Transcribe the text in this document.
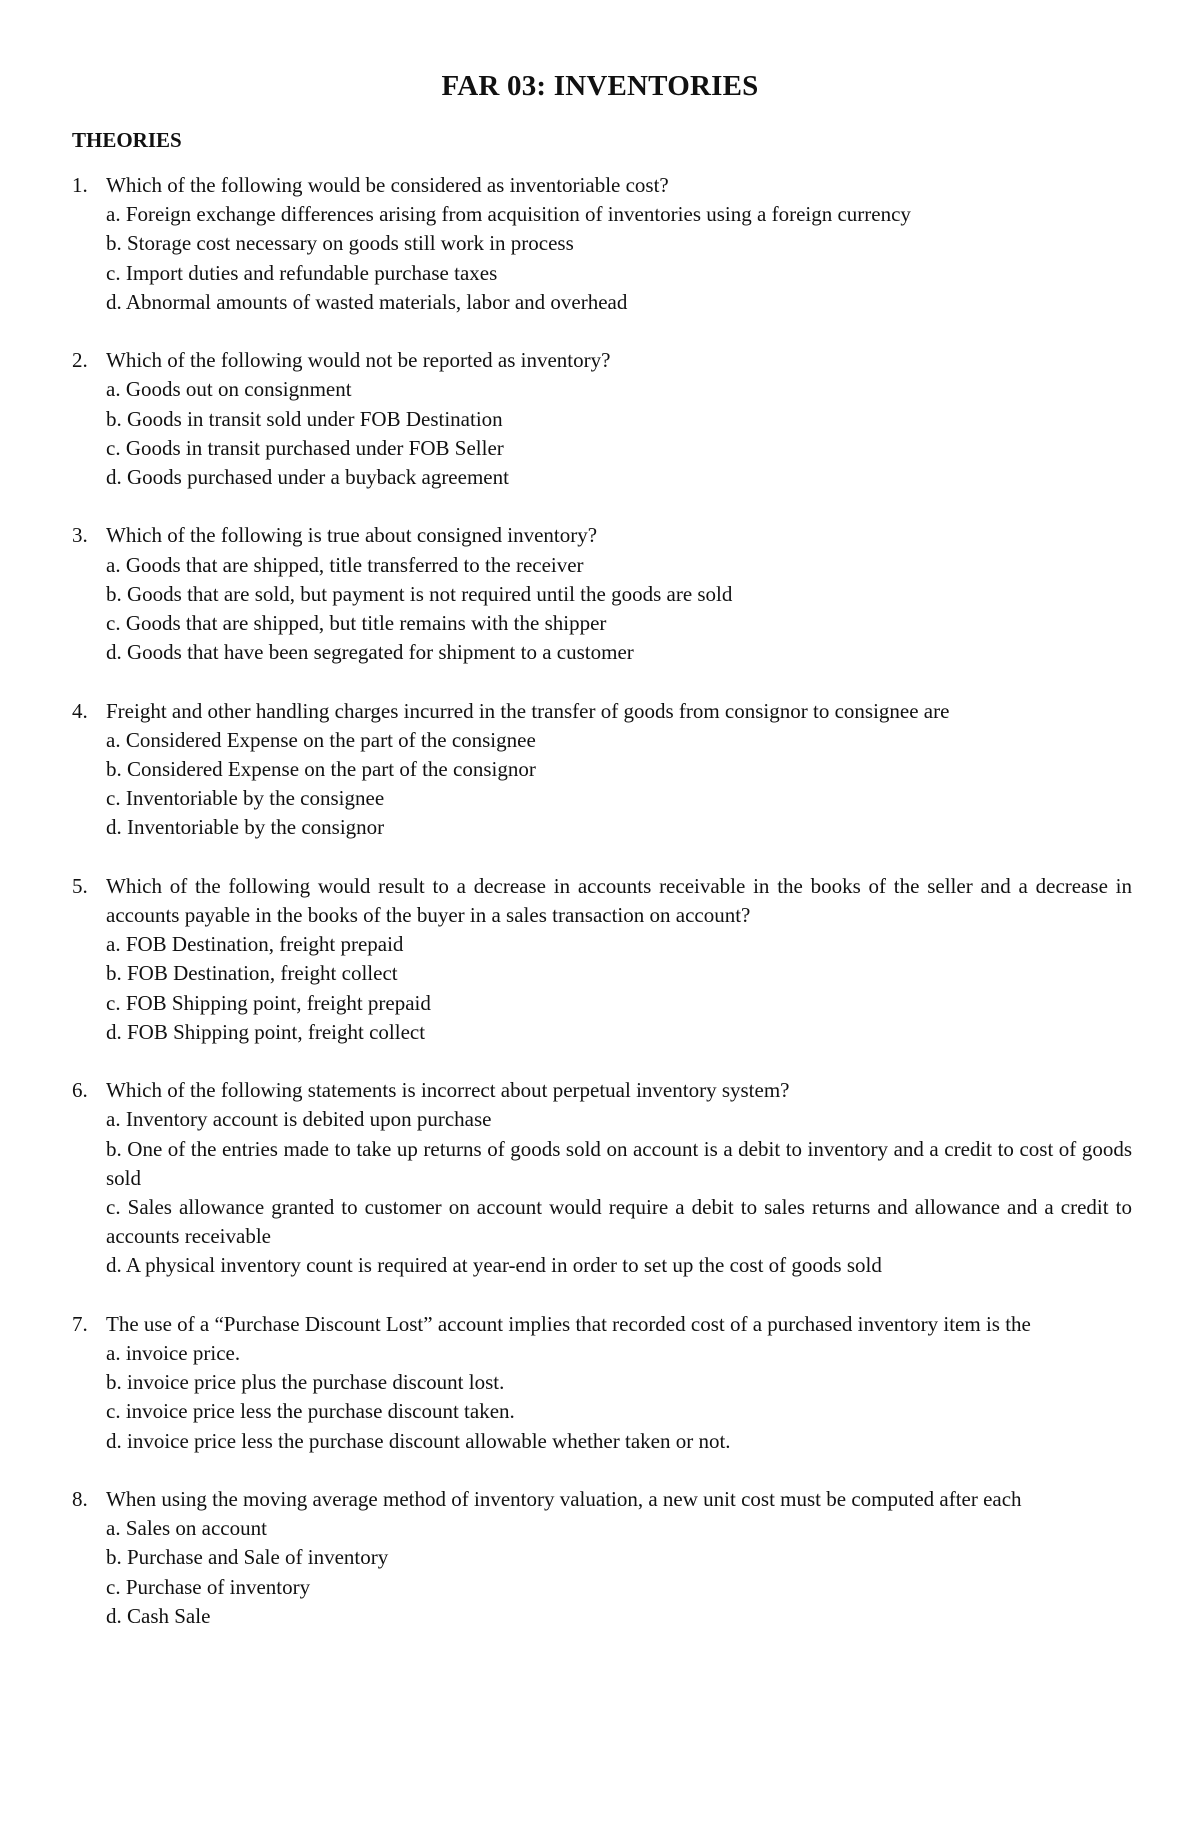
FAR 03: INVENTORIES
THEORIES
1. Which of the following would be considered as inventoriable cost?
a. Foreign exchange differences arising from acquisition of inventories using a foreign currency
b. Storage cost necessary on goods still work in process
c. Import duties and refundable purchase taxes
d. Abnormal amounts of wasted materials, labor and overhead
2. Which of the following would not be reported as inventory?
a. Goods out on consignment
b. Goods in transit sold under FOB Destination
c. Goods in transit purchased under FOB Seller
d. Goods purchased under a buyback agreement
3. Which of the following is true about consigned inventory?
a. Goods that are shipped, title transferred to the receiver
b. Goods that are sold, but payment is not required until the goods are sold
c. Goods that are shipped, but title remains with the shipper
d. Goods that have been segregated for shipment to a customer
4. Freight and other handling charges incurred in the transfer of goods from consignor to consignee are
a. Considered Expense on the part of the consignee
b. Considered Expense on the part of the consignor
c. Inventoriable by the consignee
d. Inventoriable by the consignor
5. Which of the following would result to a decrease in accounts receivable in the books of the seller and a decrease in accounts payable in the books of the buyer in a sales transaction on account?
a. FOB Destination, freight prepaid
b. FOB Destination, freight collect
c. FOB Shipping point, freight prepaid
d. FOB Shipping point, freight collect
6. Which of the following statements is incorrect about perpetual inventory system?
a. Inventory account is debited upon purchase
b. One of the entries made to take up returns of goods sold on account is a debit to inventory and a credit to cost of goods sold
c. Sales allowance granted to customer on account would require a debit to sales returns and allowance and a credit to accounts receivable
d. A physical inventory count is required at year-end in order to set up the cost of goods sold
7. The use of a “Purchase Discount Lost” account implies that recorded cost of a purchased inventory item is the
a. invoice price.
b. invoice price plus the purchase discount lost.
c. invoice price less the purchase discount taken.
d. invoice price less the purchase discount allowable whether taken or not.
8. When using the moving average method of inventory valuation, a new unit cost must be computed after each
a. Sales on account
b. Purchase and Sale of inventory
c. Purchase of inventory
d. Cash Sale
